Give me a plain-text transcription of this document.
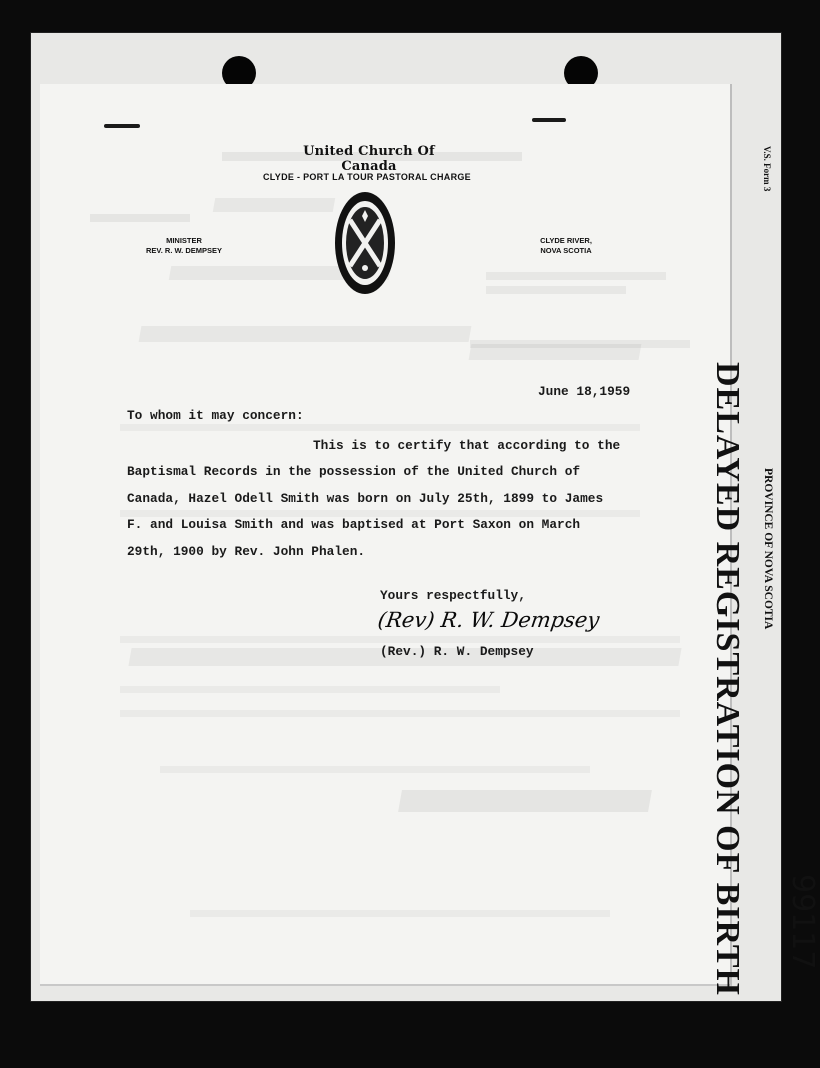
United Church Of Canada
CLYDE - PORT LA TOUR PASTORAL CHARGE
MINISTER
REV. R. W. DEMPSEY
CLYDE RIVER,
NOVA SCOTIA
June 18,1959
To whom it may concern:
This is to certify that according to the
Baptismal Records in the possession of the United Church of
Canada, Hazel Odell Smith was born on July 25th, 1899 to James
F. and Louisa Smith and was baptised at Port Saxon on March
29th, 1900 by Rev. John Phalen.
Yours respectfully,
(Rev) R. W. Dempsey
(Rev.) R. W. Dempsey
V.S. Form 3
PROVINCE OF NOVA SCOTIA
DELAYED REGISTRATION OF BIRTH 99117
